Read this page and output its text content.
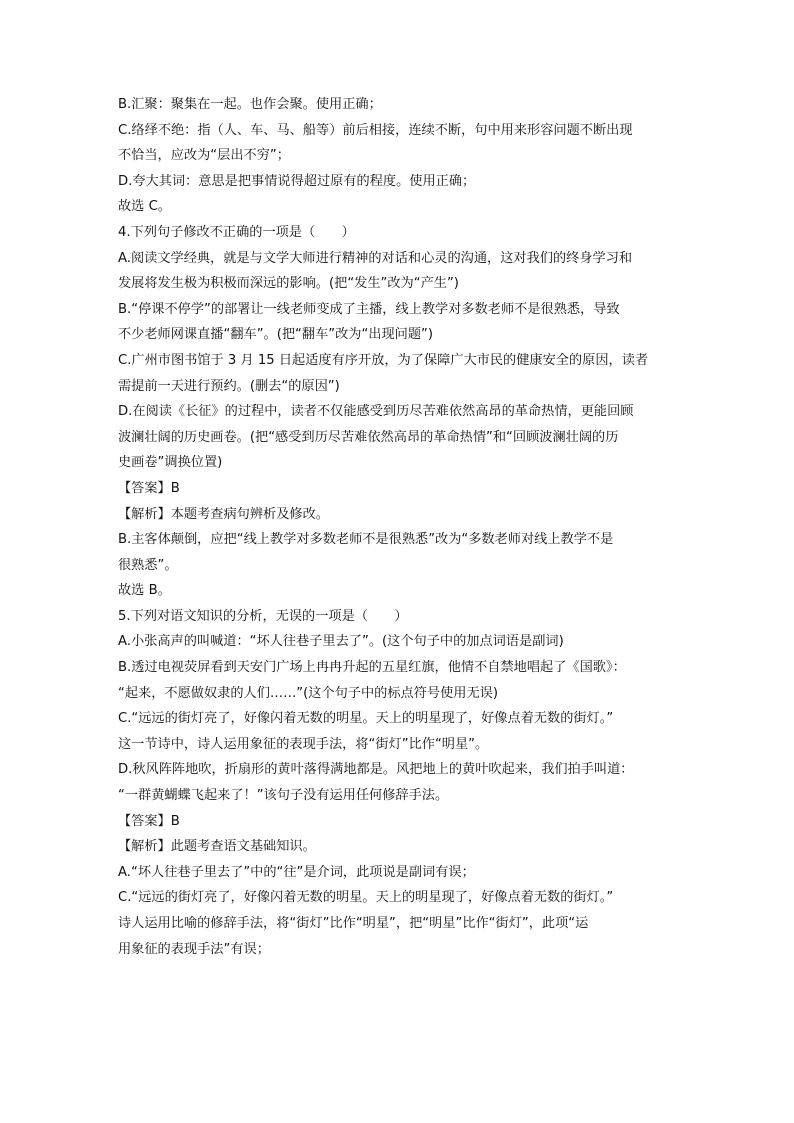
B.汇聚：聚集在一起。也作会聚。使用正确；
C.络绎不绝：指（人、车、马、船等）前后相接，连续不断，句中用来形容问题不断出现
不恰当，应改为“层出不穷”；
D.夸大其词：意思是把事情说得超过原有的程度。使用正确；
故选 C。
4.下列句子修改不正确的一项是（　　）
A.阅读文学经典，就是与文学大师进行精神的对话和心灵的沟通，这对我们的终身学习和
发展将发生极为积极而深远的影响。(把“发生”改为“产生”)
B.“停课不停学”的部署让一线老师变成了主播，线上教学对多数老师不是很熟悉，导致
不少老师网课直播“翻车”。(把“翻车”改为“出现问题”)
C.广州市图书馆于 3 月 15 日起适度有序开放，为了保障广大市民的健康安全的原因，读者
需提前一天进行预约。(删去“的原因”)
D.在阅读《长征》的过程中，读者不仅能感受到历尽苦难依然高昂的革命热情，更能回顾
波澜壮阔的历史画卷。(把“感受到历尽苦难依然高昂的革命热情”和“回顾波澜壮阔的历
史画卷”调换位置)
【答案】B
【解析】本题考查病句辨析及修改。
B.主客体颠倒，应把“线上教学对多数老师不是很熟悉”改为“多数老师对线上教学不是
很熟悉”。
故选 B。
5.下列对语文知识的分析，无误的一项是（　　）
A.小张高声的叫喊道：“坏人往巷子里去了”。(这个句子中的加点词语是副词)
B.透过电视荧屏看到天安门广场上冉冉升起的五星红旗，他情不自禁地唱起了《国歌》：
“起来，不愿做奴隶的人们……”(这个句子中的标点符号使用无误)
C.“远远的街灯亮了，好像闪着无数的明星。天上的明星现了，好像点着无数的街灯。”
这一节诗中，诗人运用象征的表现手法，将“街灯”比作“明星”。
D.秋风阵阵地吹，折扇形的黄叶落得满地都是。风把地上的黄叶吹起来，我们拍手叫道：
“一群黄蝴蝶飞起来了！”该句子没有运用任何修辞手法。
【答案】B
【解析】此题考查语文基础知识。
A.“坏人往巷子里去了”中的“往”是介词，此项说是副词有误；
C.“远远的街灯亮了，好像闪着无数的明星。天上的明星现了，好像点着无数的街灯。”
诗人运用比喻的修辞手法，将“街灯”比作“明星”，把“明星”比作“街灯”，此项“运
用象征的表现手法”有误；
